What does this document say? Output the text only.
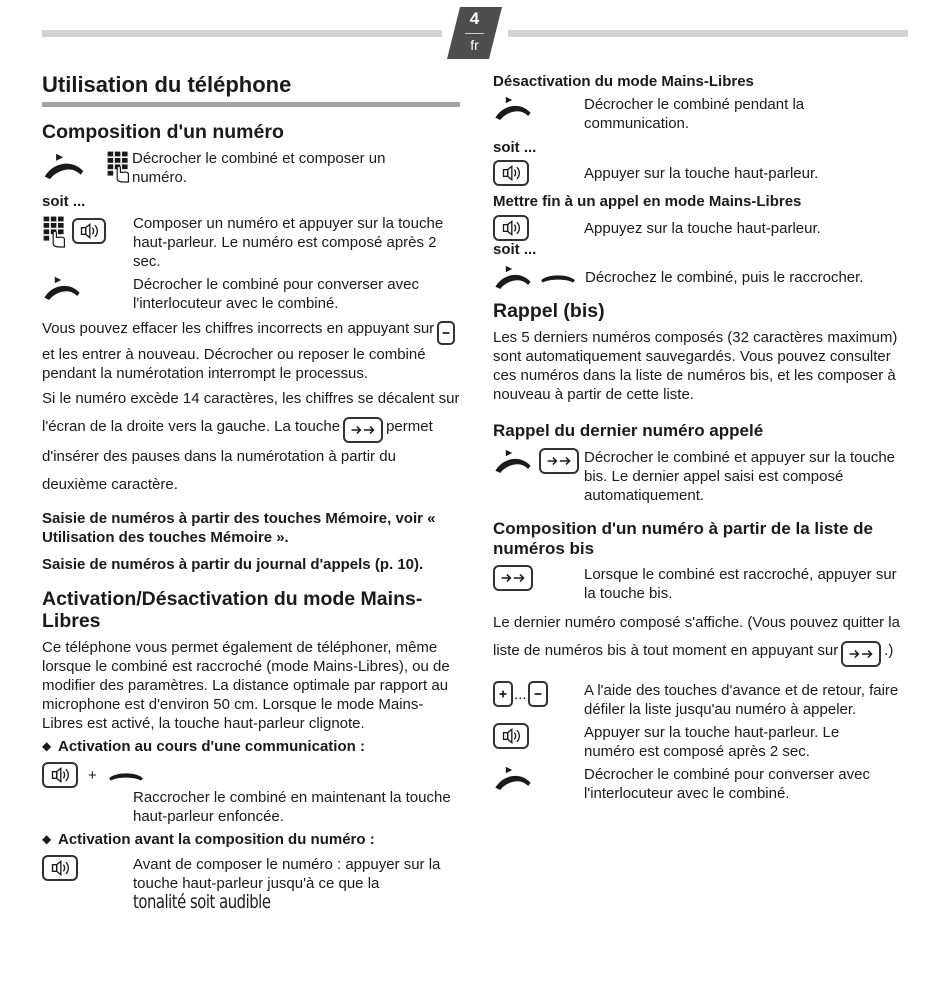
4
fr
Utilisation du téléphone
Composition d'un numéro
Décrocher le combiné et composer un numéro.
soit ...
Composer un numéro et appuyer sur la touche haut-parleur. Le numéro est composé après 2 sec.
Décrocher le combiné pour converser avec l'interlocuteur avec le combiné.
Vous pouvez effacer les chiffres incorrects en appuyant sur
et les entrer à nouveau. Décrocher ou reposer le combiné pendant la numérotation interrompt le processus.
Si le numéro excède 14 caractères, les chiffres se décalent sur l'écran de la droite vers la gauche. La touche	permet d'insérer des pauses dans la numérotation à partir du deuxième caractère.
Saisie de numéros à partir des touches Mémoire, voir « Utilisation des touches Mémoire ».
Saisie de numéros à partir du journal d'appels (p. 10).
Activation/Désactivation du mode Mains-Libres
Ce téléphone vous permet également de téléphoner, même lorsque le combiné est raccroché (mode Mains-Libres), ou de modifier des paramètres. La distance optimale par rapport au microphone est d'environ 50 cm. Lorsque le mode Mains-Libres est activé, la touche haut-parleur clignote.
◆ Activation au cours d'une communication :
+
Raccrocher le combiné en maintenant la touche haut-parleur enfoncée.
◆ Activation avant la composition du numéro :
Avant de composer le numéro : appuyer sur la touche haut-parleur jusqu'à ce que la
tonalité soit audible
Désactivation du mode Mains-Libres
Décrocher le combiné pendant la communication.
soit ...
Appuyer sur la touche haut-parleur.
Mettre fin à un appel en mode Mains-Libres
Appuyez sur la touche haut-parleur.
soit ...
Décrochez le combiné, puis le raccrocher.
Rappel (bis)
Les 5 derniers numéros composés (32 caractères maximum) sont automatiquement sauvegardés. Vous pouvez consulter ces numéros dans la liste de numéros bis, et les composer à nouveau à partir de cette liste.
Rappel du dernier numéro appelé
Décrocher le combiné et appuyer sur la touche bis. Le dernier appel saisi est composé automatiquement.
Composition d'un numéro à partir de la liste de numéros bis
Lorsque le combiné est raccroché, appuyer sur la touche bis.
Le dernier numéro composé s'affiche. (Vous pouvez quitter la liste de numéros bis à tout moment en appuyant sur	.)
...	A l'aide des touches d'avance et de retour, faire défiler la liste jusqu'au numéro à appeler.
Appuyer sur la touche haut-parleur. Le numéro est composé après 2 sec.
Décrocher le combiné pour converser avec l'interlocuteur avec le combiné.
